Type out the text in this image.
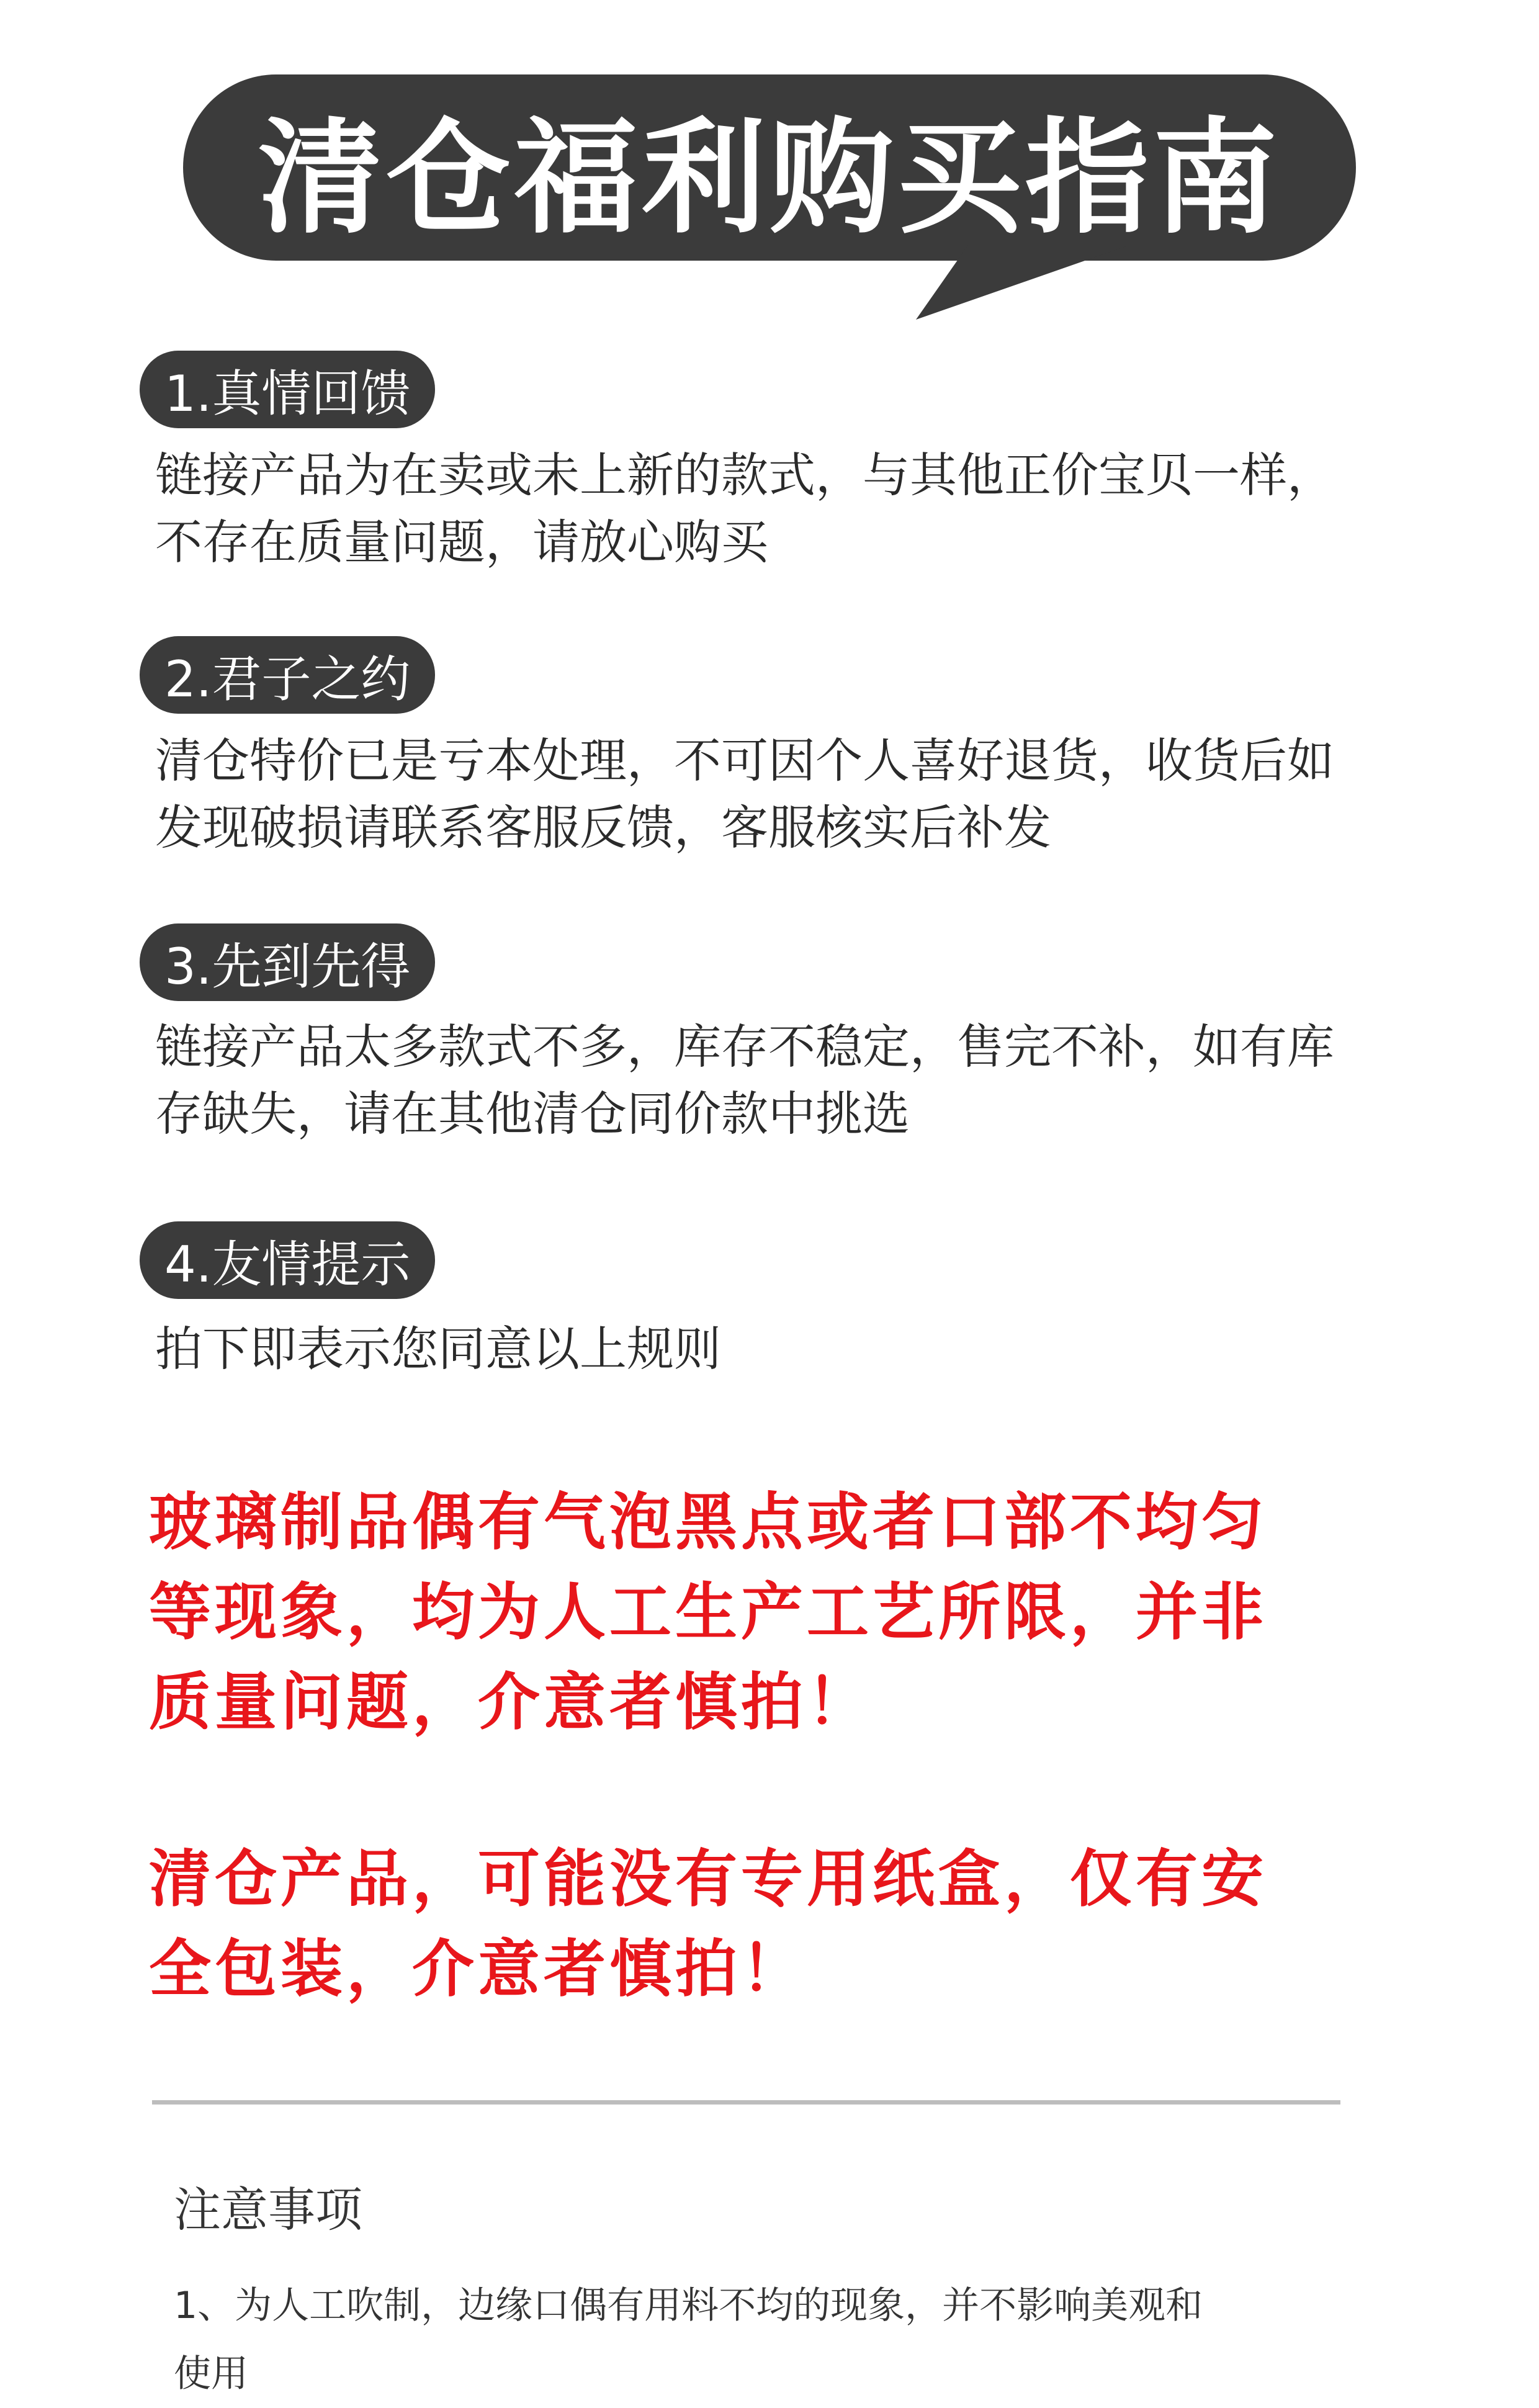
清仓福利购买指南
1.真情回馈
链接产品为在卖或未上新的款式，与其他正价宝贝一样，
不存在质量问题，请放心购买
2.君子之约
清仓特价已是亏本处理，不可因个人喜好退货，收货后如
发现破损请联系客服反馈，客服核实后补发
3.先到先得
链接产品太多款式不多，库存不稳定，售完不补，如有库
存缺失，请在其他清仓同价款中挑选
4.友情提示
拍下即表示您同意以上规则
玻璃制品偶有气泡黑点或者口部不均匀
等现象，均为人工生产工艺所限，并非
质量问题，介意者慎拍！
清仓产品，可能没有专用纸盒，仅有安
全包装，介意者慎拍！
注意事项
1、为人工吹制，边缘口偶有用料不均的现象，并不影响美观和
使用
